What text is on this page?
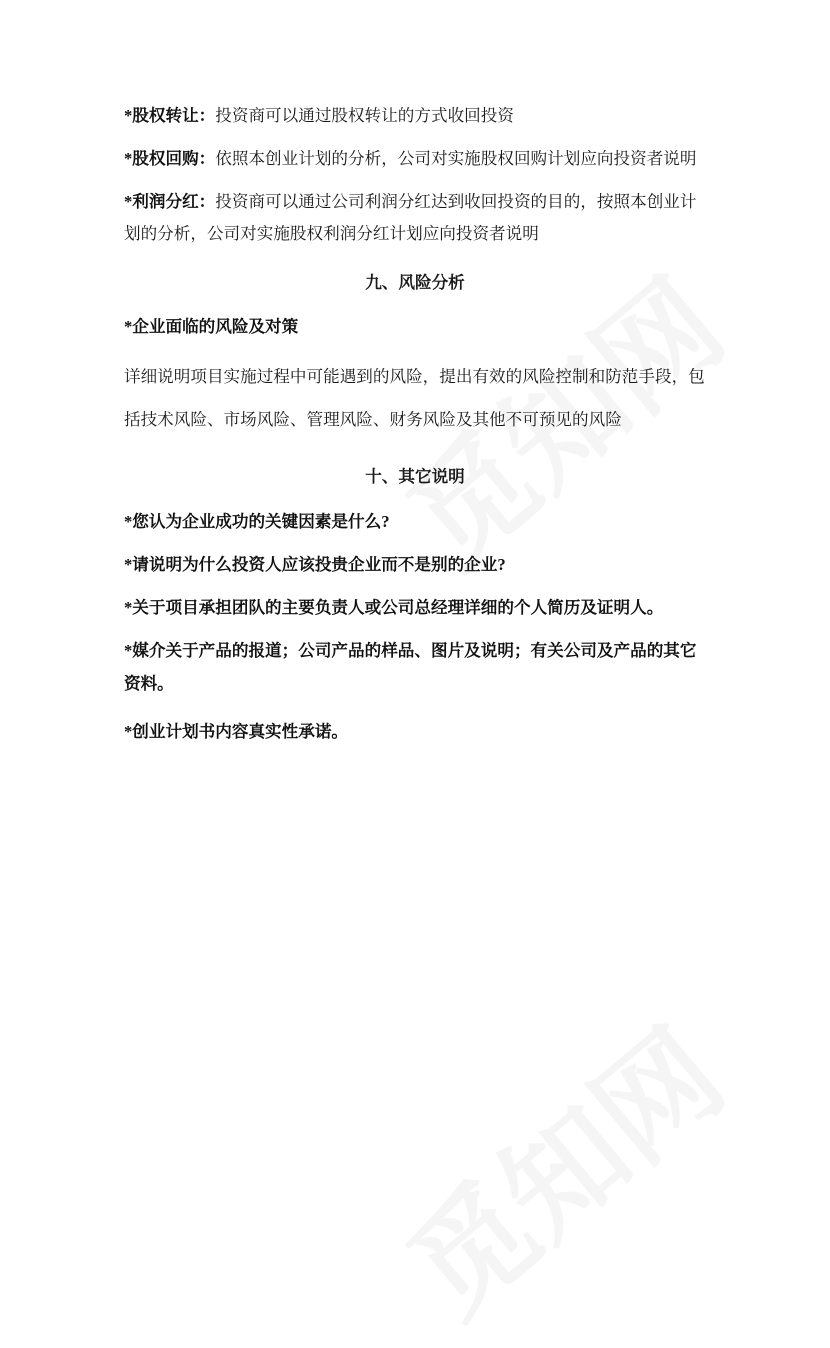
*股权转让：投资商可以通过股权转让的方式收回投资
*股权回购：依照本创业计划的分析，公司对实施股权回购计划应向投资者说明
*利润分红：投资商可以通过公司利润分红达到收回投资的目的，按照本创业计
划的分析，公司对实施股权利润分红计划应向投资者说明
九、风险分析
*企业面临的风险及对策
详细说明项目实施过程中可能遇到的风险，提出有效的风险控制和防范手段，包
括技术风险、市场风险、管理风险、财务风险及其他不可预见的风险
十、其它说明
*您认为企业成功的关键因素是什么?
*请说明为什么投资人应该投贵企业而不是别的企业?
*关于项目承担团队的主要负责人或公司总经理详细的个人简历及证明人。
*媒介关于产品的报道；公司产品的样品、图片及说明；有关公司及产品的其它
资料。
*创业计划书内容真实性承诺。
